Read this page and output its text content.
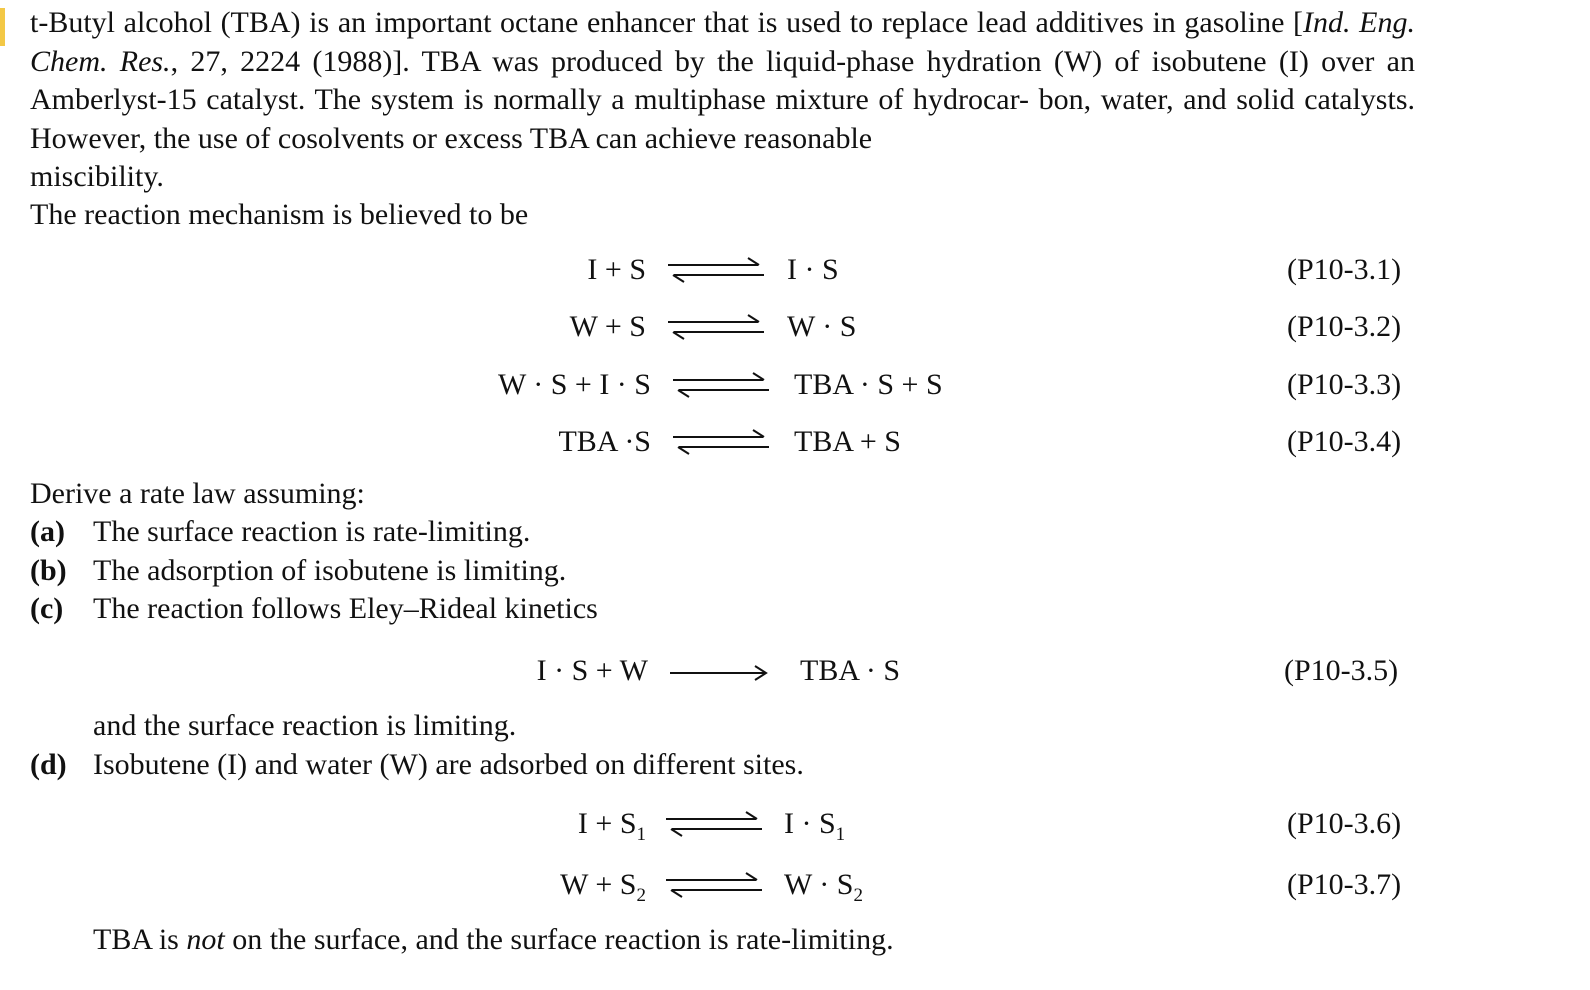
t-Butyl alcohol (TBA) is an important octane enhancer that is used to replace lead additives in gasoline [Ind. Eng. Chem. Res., 27, 2224 (1988)]. TBA was produced by the liquid-phase hydration (W) of isobutene (I) over an Amberlyst-15 catalyst. The system is normally a multiphase mixture of hydrocar- bon, water, and solid catalysts. However, the use of cosolvents or excess TBA can achieve reasonable
miscibility.

The reaction mechanism is believed to be
I + S	I · S	(P10-3.1)
W + S	W · S	(P10-3.2)
W · S + I · S	TBA · S + S	(P10-3.3)
TBA ·S	TBA + S	(P10-3.4)
Derive a rate law assuming:
(a) The surface reaction is rate-limiting.
(b) The adsorption of isobutene is limiting.
(c) The reaction follows Eley–Rideal kinetics
I · S + W	TBA · S	(P10-3.5)
and the surface reaction is limiting.
(d) Isobutene (I) and water (W) are adsorbed on different sites.
$I + S_1$	$I \cdot S_1$	(P10-3.6)
$W + S_2$	$W \cdot S_2$	(P10-3.7)
TBA is not on the surface, and the surface reaction is rate-limiting.
